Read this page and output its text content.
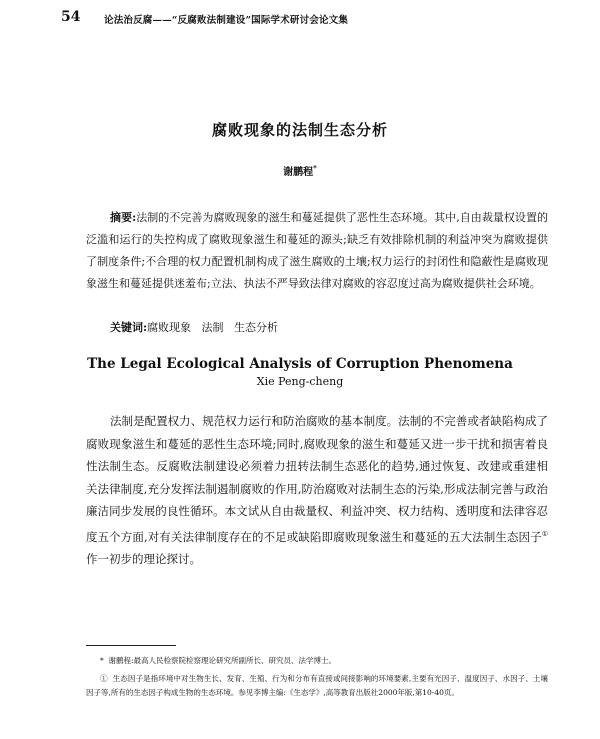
54 论法治反腐——“反腐败法制建设”国际学术研讨会论文集
腐败现象的法制生态分析
谢鹏程*
摘要:法制的不完善为腐败现象的滋生和蔓延提供了恶性生态环境。其中,自由裁量权设置的泛滥和运行的失控构成了腐败现象滋生和蔓延的源头;缺乏有效排除机制的利益冲突为腐败提供了制度条件;不合理的权力配置机制构成了滋生腐败的土壤;权力运行的封闭性和隐蔽性是腐败现象滋生和蔓延提供迷羞布;立法、执法不严导致法律对腐败的容忍度过高为腐败提供社会环境。
关键词:腐败现象   法制   生态分析
The Legal Ecological Analysis of Corruption Phenomena
Xie Peng-cheng
法制是配置权力、规范权力运行和防治腐败的基本制度。法制的不完善或者缺陷构成了腐败现象滋生和蔓延的恶性生态环境;同时,腐败现象的滋生和蔓延又进一步干扰和损害着良性法制生态。反腐败法制建设必须着力扭转法制生态恶化的趋势,通过恢复、改建或重建相关法律制度,充分发挥法制遏制腐败的作用,防治腐败对法制生态的污染,形成法制完善与政治廉洁同步发展的良性循环。本文试从自由裁量权、利益冲突、权力结构、透明度和法律容忍度五个方面,对有关法律制度存在的不足或缺陷即腐败现象滋生和蔓延的五大法制生态因子①作一初步的理论探讨。
* 谢鹏程:最高人民检察院检察理论研究所副所长、研究员、法学博士。
① 生态因子是指环境中对生物生长、发育、生殖、行为和分布有直接或间接影响的环境要素,主要有光因子、温度因子、水因子、土壤因子等,所有的生态因子构成生物的生态环境。参见李博主编:《生态学》,高等教育出版社2000年版,第10-40页。
